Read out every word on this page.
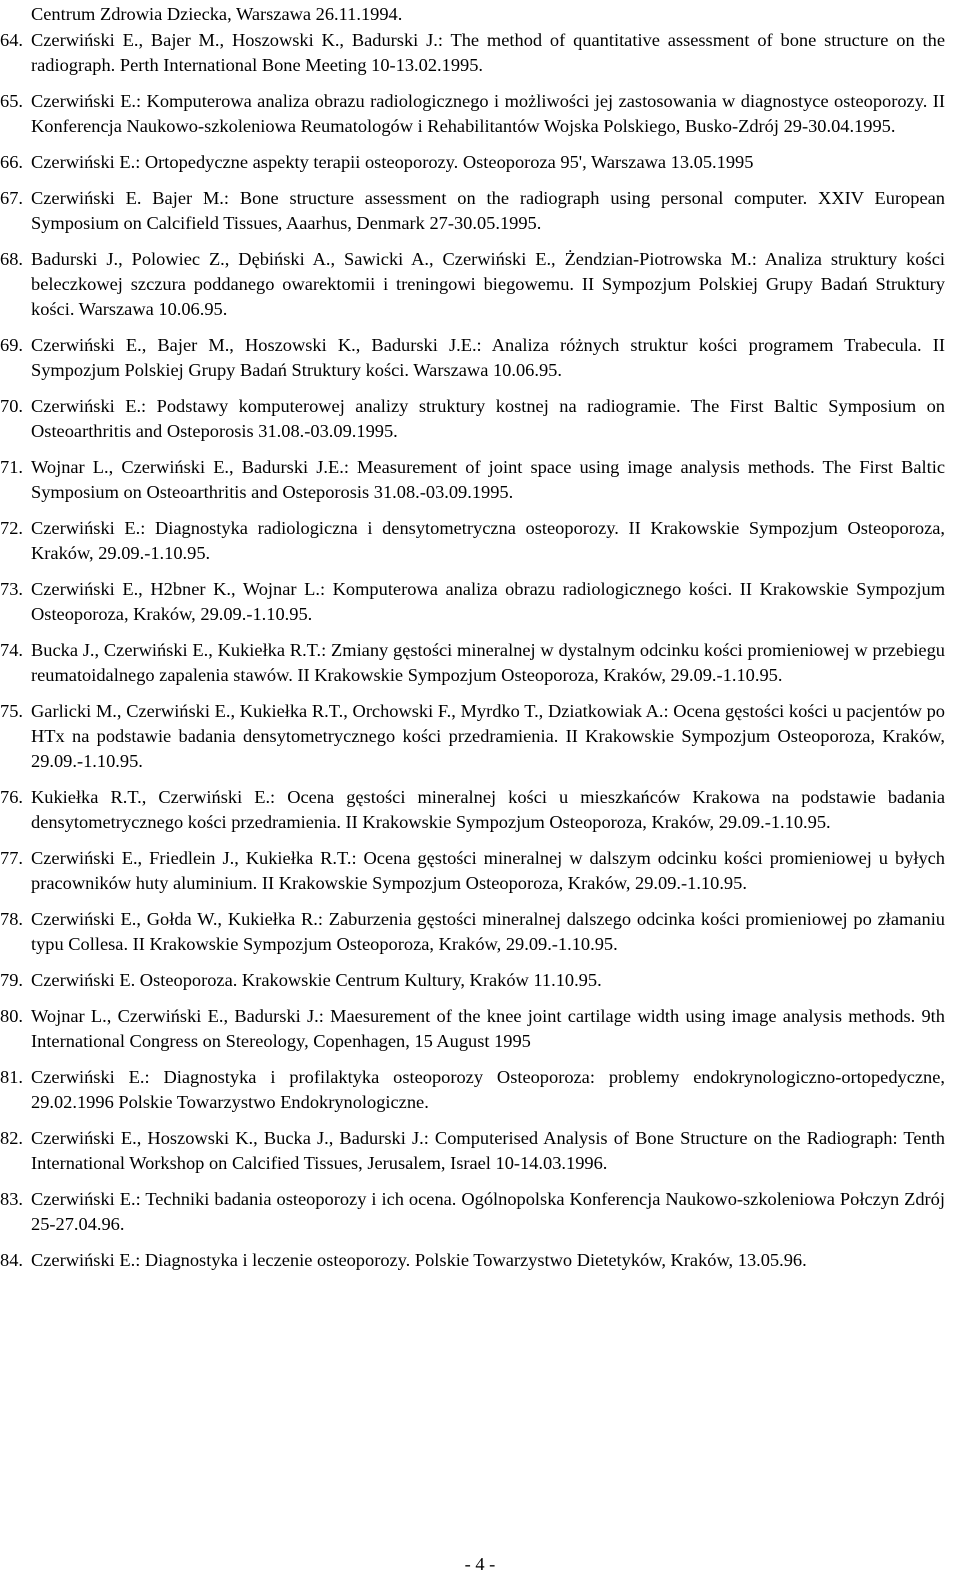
Centrum Zdrowia Dziecka, Warszawa 26.11.1994.
64. Czerwiński E., Bajer M., Hoszowski K., Badurski J.: The method of quantitative assessment of bone structure on the radiograph. Perth International Bone Meeting 10-13.02.1995.
65. Czerwiński E.: Komputerowa analiza obrazu radiologicznego i możliwości jej zastosowania w diagnostyce osteoporozy. II Konferencja Naukowo-szkoleniowa Reumatologów i Rehabilitantów Wojska Polskiego, Busko-Zdrój 29-30.04.1995.
66. Czerwiński E.: Ortopedyczne aspekty terapii osteoporozy. Osteoporoza 95', Warszawa 13.05.1995
67. Czerwiński E. Bajer M.: Bone structure assessment on the radiograph using personal computer. XXIV European Symposium on Calcifield Tissues, Aaarhus, Denmark 27-30.05.1995.
68. Badurski J., Polowiec Z., Dębiński A., Sawicki A., Czerwiński E., Żendzian-Piotrowska M.: Analiza struktury kości beleczkowej szczura poddanego owarektomii i treningowi biegowemu. II Sympozjum Polskiej Grupy Badań Struktury kości. Warszawa 10.06.95.
69. Czerwiński E., Bajer M., Hoszowski K., Badurski J.E.: Analiza różnych struktur kości programem Trabecula. II Sympozjum Polskiej Grupy Badań Struktury kości. Warszawa 10.06.95.
70. Czerwiński E.: Podstawy komputerowej analizy struktury kostnej na radiogramie. The First Baltic Symposium on Osteoarthritis and Osteporosis 31.08.-03.09.1995.
71. Wojnar L., Czerwiński E., Badurski J.E.: Measurement of joint space using image analysis methods. The First Baltic Symposium on Osteoarthritis and Osteporosis 31.08.-03.09.1995.
72. Czerwiński E.: Diagnostyka radiologiczna i densytometryczna osteoporozy. II Krakowskie Sympozjum Osteoporoza, Kraków, 29.09.-1.10.95.
73. Czerwiński E., H2bner K., Wojnar L.: Komputerowa analiza obrazu radiologicznego kości. II Krakowskie Sympozjum Osteoporoza, Kraków, 29.09.-1.10.95.
74. Bucka J., Czerwiński E., Kukiełka R.T.: Zmiany gęstości mineralnej w dystalnym odcinku kości promieniowej w przebiegu reumatoidalnego zapalenia stawów. II Krakowskie Sympozjum Osteoporoza, Kraków, 29.09.-1.10.95.
75. Garlicki M., Czerwiński E., Kukiełka R.T., Orchowski F., Myrdko T., Dziatkowiak A.: Ocena gęstości kości u pacjentów po HTx na podstawie badania densytometrycznego kości przedramienia. II Krakowskie Sympozjum Osteoporoza, Kraków, 29.09.-1.10.95.
76. Kukiełka R.T., Czerwiński E.: Ocena gęstości mineralnej kości u mieszkańców Krakowa na podstawie badania densytometrycznego kości przedramienia. II Krakowskie Sympozjum Osteoporoza, Kraków, 29.09.-1.10.95.
77. Czerwiński E., Friedlein J., Kukiełka R.T.: Ocena gęstości mineralnej w dalszym odcinku kości promieniowej u byłych pracowników huty aluminium. II Krakowskie Sympozjum Osteoporoza, Kraków, 29.09.-1.10.95.
78. Czerwiński E., Gołda W., Kukiełka R.: Zaburzenia gęstości mineralnej dalszego odcinka kości promieniowej po złamaniu typu Collesa. II Krakowskie Sympozjum Osteoporoza, Kraków, 29.09.-1.10.95.
79. Czerwiński E. Osteoporoza. Krakowskie Centrum Kultury, Kraków 11.10.95.
80. Wojnar L., Czerwiński E., Badurski J.: Maesurement of the knee joint cartilage width using image analysis methods. 9th International Congress on Stereology, Copenhagen, 15 August 1995
81. Czerwiński E.: Diagnostyka i profilaktyka osteoporozy Osteoporoza: problemy endokrynologiczno-ortopedyczne, 29.02.1996 Polskie Towarzystwo Endokrynologiczne.
82. Czerwiński E., Hoszowski K., Bucka J., Badurski J.: Computerised Analysis of Bone Structure on the Radiograph: Tenth International Workshop on Calcified Tissues, Jerusalem, Israel 10-14.03.1996.
83. Czerwiński E.: Techniki badania osteoporozy i ich ocena. Ogólnopolska Konferencja Naukowo-szkoleniowa Połczyn Zdrój 25-27.04.96.
84. Czerwiński E.: Diagnostyka i leczenie osteoporozy. Polskie Towarzystwo Dietetyków, Kraków, 13.05.96.
- 4 -
